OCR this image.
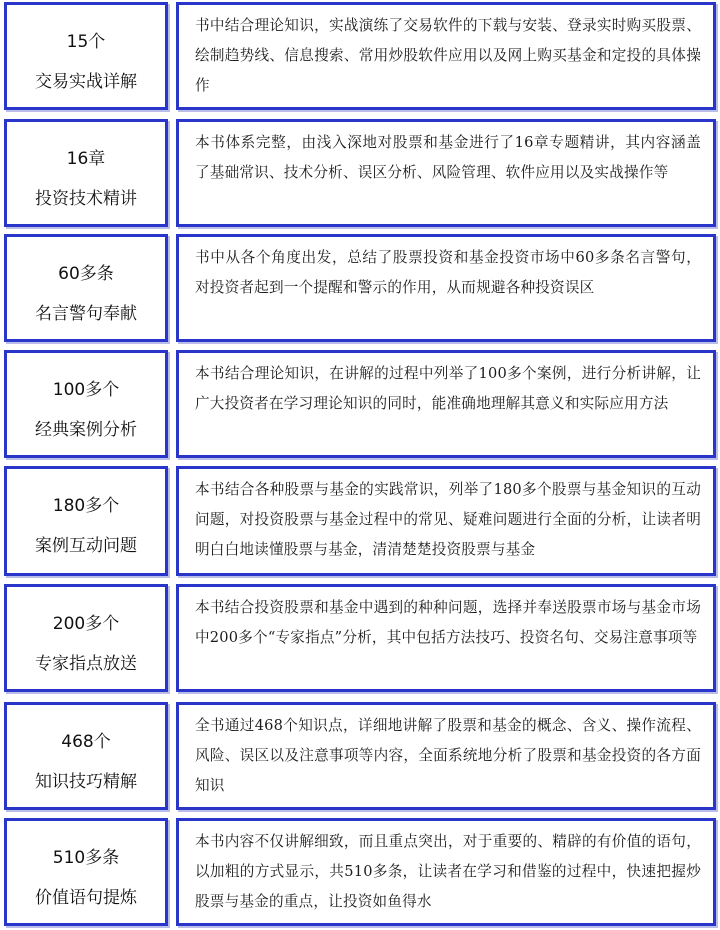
15个
交易实战详解
书中结合理论知识，实战演练了交易软件的下载与安装、登录实时购买股票、绘制趋势线、信息搜索、常用炒股软件应用以及网上购买基金和定投的具体操作
16章
投资技术精讲
本书体系完整，由浅入深地对股票和基金进行了16章专题精讲，其内容涵盖了基础常识、技术分析、误区分析、风险管理、软件应用以及实战操作等
60多条
名言警句奉献
书中从各个角度出发，总结了股票投资和基金投资市场中60多条名言警句，对投资者起到一个提醒和警示的作用，从而规避各种投资误区
100多个
经典案例分析
本书结合理论知识，在讲解的过程中列举了100多个案例，进行分析讲解，让广大投资者在学习理论知识的同时，能准确地理解其意义和实际应用方法
180多个
案例互动问题
本书结合各种股票与基金的实践常识，列举了180多个股票与基金知识的互动问题，对投资股票与基金过程中的常见、疑难问题进行全面的分析，让读者明明白白地读懂股票与基金，清清楚楚投资股票与基金
200多个
专家指点放送
本书结合投资股票和基金中遇到的种种问题，选择并奉送股票市场与基金市场中200多个“专家指点”分析，其中包括方法技巧、投资名句、交易注意事项等
468个
知识技巧精解
全书通过468个知识点，详细地讲解了股票和基金的概念、含义、操作流程、风险、误区以及注意事项等内容，全面系统地分析了股票和基金投资的各方面知识
510多条
价值语句提炼
本书内容不仅讲解细致，而且重点突出，对于重要的、精辟的有价值的语句，以加粗的方式显示，共510多条，让读者在学习和借鉴的过程中，快速把握炒股票与基金的重点，让投资如鱼得水
